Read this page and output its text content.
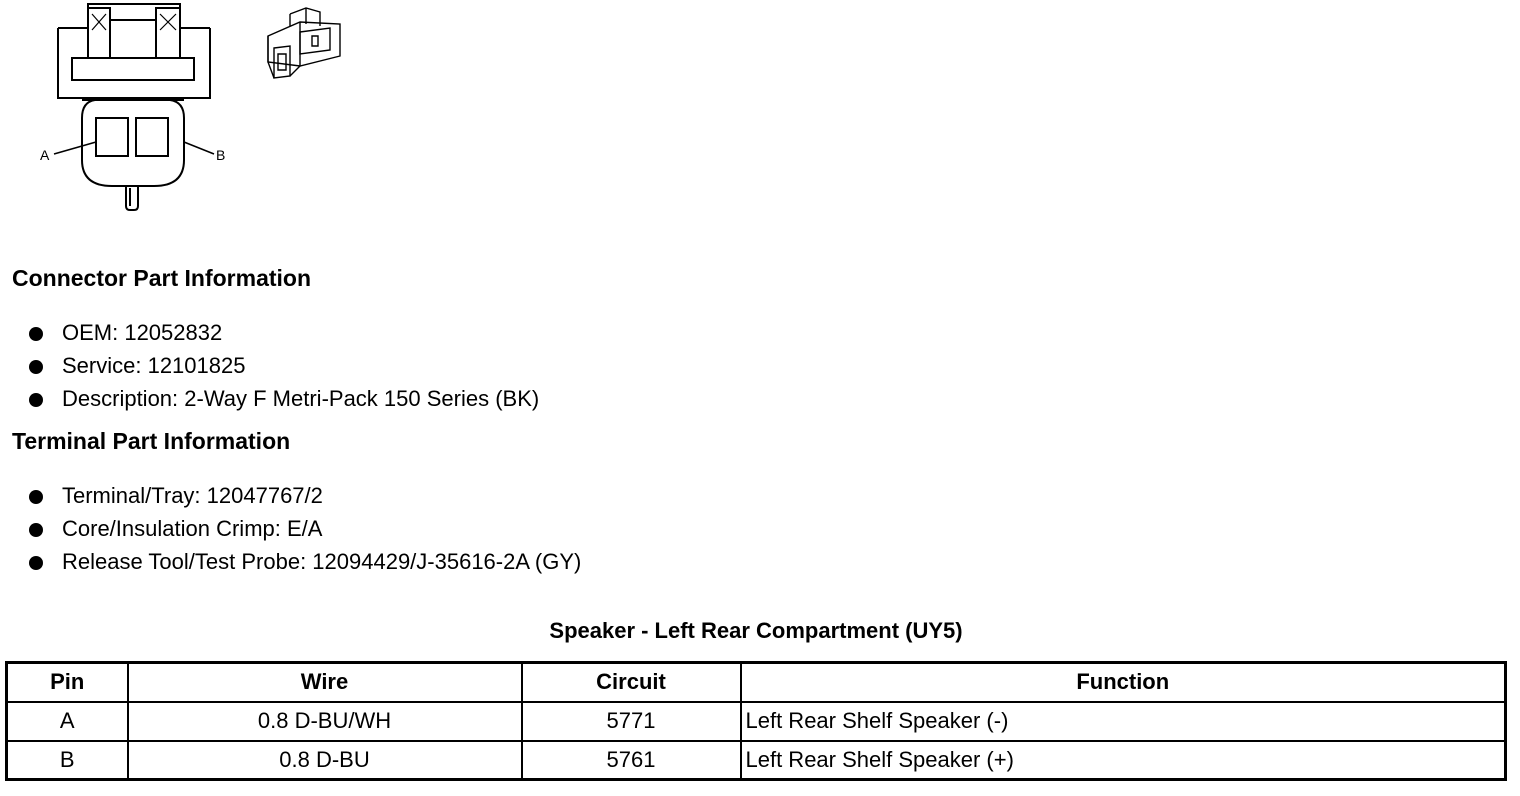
A	B
Connector Part Information
OEM: 12052832
Service: 12101825
Description: 2-Way F Metri-Pack 150 Series (BK)
Terminal Part Information
Terminal/Tray: 12047767/2
Core/Insulation Crimp: E/A
Release Tool/Test Probe: 12094429/J-35616-2A (GY)
Speaker - Left Rear Compartment (UY5)
Pin	Wire	Circuit	Function
A	0.8 D-BU/WH	5771	Left Rear Shelf Speaker (-)
B	0.8 D-BU	5761	Left Rear Shelf Speaker (+)
